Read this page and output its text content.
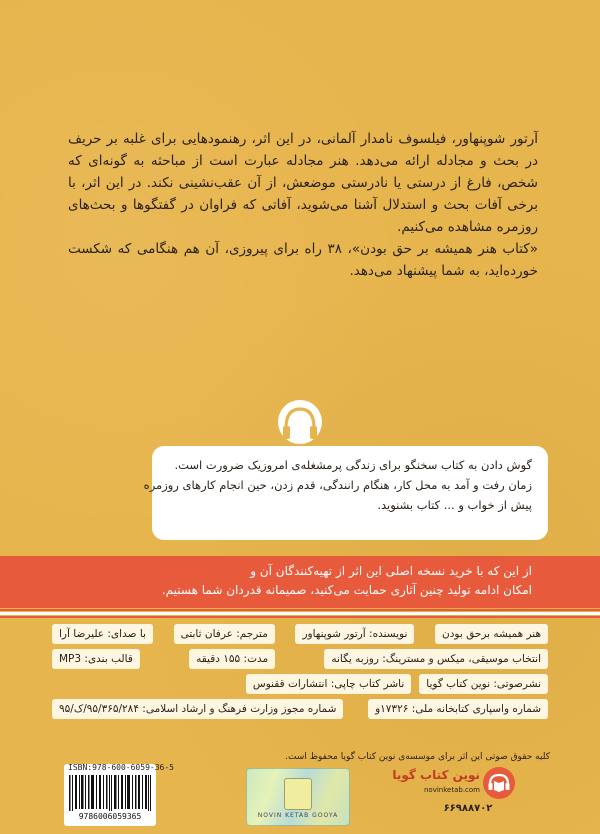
آرتور شوپنهاور، فیلسوف نامدار آلمانی، در این اثر، رهنمودهایی برای غلبه بر حریف در بحث و مجادله ارائه می‌دهد. هنر مجادله عبارت است از مباحثه به گونه‌ای که شخص، فارغ از درستی یا نادرستی موضعش، از آن عقب‌نشینی نکند. در این اثر، با برخی آفات بحث و استدلال آشنا می‌شوید، آفاتی که فراوان در گفتگوها و بحث‌های روزمره مشاهده می‌کنیم.

«کتاب هنر همیشه بر حق بودن»، ۳۸ راه برای پیروزی، آن هم هنگامی که شکست خورده‌اید، به شما پیشنهاد می‌دهد.

گوش دادن به کتاب سخنگو برای زندگی پرمشغله‌ی امروزیک ضرورت است.
زمان رفت و آمد به محل کار، هنگام رانندگی، قدم زدن، حین انجام کارهای روزمره
پیش از خواب و ... کتاب بشنوید.
از این که با خرید نسخه اصلی این اثر از تهیه‌کنندگان آن و
امکان ادامه تولید چنین آثاری حمایت می‌کنید، صمیمانه قدردان شما هستیم.
هنر همیشه برحق بودن
نویسنده: آرتور شوپنهاور
مترجم: عرفان ثابتی
با صدای: علیرضا آرا
انتخاب موسیقی، میکس و مسترینگ: روزبه یگانه
مدت: ۱۵۵ دقیقه
قالب بندی: MP3
نشرصوتی: نوین کتاب گویا
ناشر کتاب چاپی: انتشارات ققنوس
شماره واسپاری کتابخانه ملی: ۱۷۳۲۶و
شماره مجوز وزارت فرهنگ و ارشاد اسلامی: ۹۵/۳۶۵/۲۸۴/ک/۹۵
کلیه حقوق صوتی این اثر برای موسسه‌ی نوین کتاب گویا محفوظ است.
ISBN:978-600-6059-36-5
9786006059365	NOVIN KETAB GOOYA
نوین کتاب گویا
novinketab.com
۶۶۹۸۸۷۰۲
